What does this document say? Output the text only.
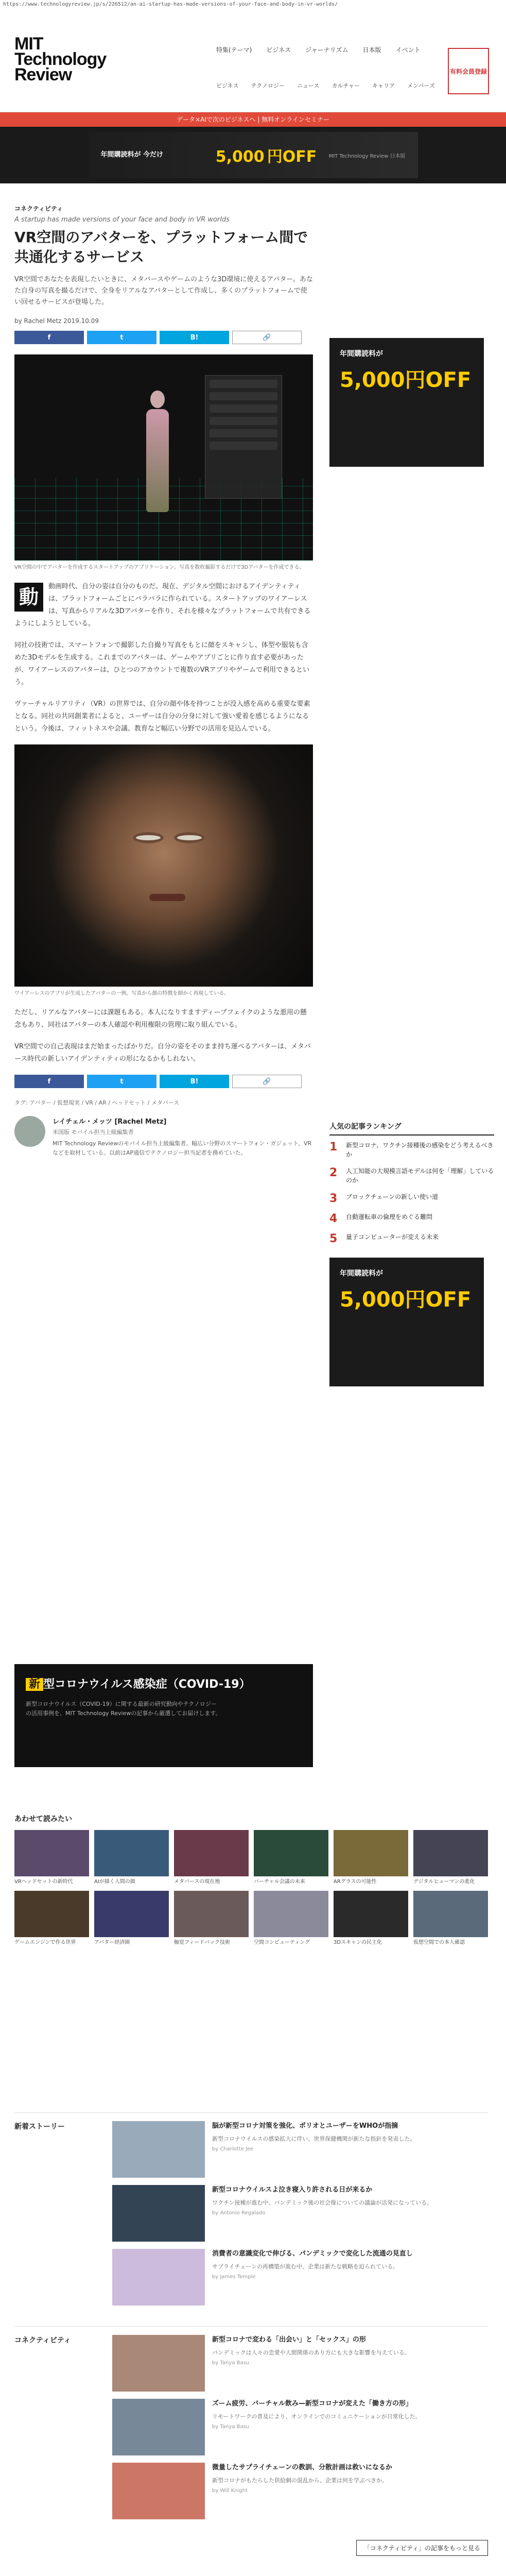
https://www.technologyreview.jp/s/226512/an-ai-startup-has-made-versions-of-your-face-and-body-in-vr-worlds/
MIT Technology Review
特集(テーマ) ビジネス ジャーナリズム 日本版 イベント
ビジネス テクノロジー ニュース カルチャー キャリア メンバーズ
有料会員登録
データ×AIで次のビジネスへ | 無料オンラインセミナー
年間購読料が 今だけ	5,000 円OFF MIT Technology Review 日本版
コネクティビティ
A startup has made versions of your face and body in VR worlds
VR空間のアバターを、プラットフォーム間で共通化するサービス
VR空間であなたを表現したいときに、メタバースやゲームのような3D環境に使えるアバター。あなた自身の写真を撮るだけで、全身をリアルなアバターとして作成し、多くのプラットフォームで使い回せるサービスが登場した。
by Rachel Metz 2019.10.09
f	t	B!	🔗
VR空間の中でアバターを作成するスタートアップのアプリケーション。写真を数枚撮影するだけで3Dアバターを作成できる。
動	動画時代、自分の姿は自分のものだ。現在、デジタル空間におけるアイデンティティは、プラットフォームごとにバラバラに作られている。スタートアップのワイアーレスは、写真からリアルな3Dアバターを作り、それを様々なプラットフォームで共有できるようにしようとしている。

同社の技術では、スマートフォンで撮影した自撮り写真をもとに顔をスキャンし、体型や服装も含めた3Dモデルを生成する。これまでのアバターは、ゲームやアプリごとに作り直す必要があったが、ワイアーレスのアバターは、ひとつのアカウントで複数のVRアプリやゲームで利用できるという。

ヴァーチャルリアリティ（VR）の世界では、自分の顔や体を持つことが没入感を高める重要な要素となる。同社の共同創業者によると、ユーザーは自分の分身に対して強い愛着を感じるようになるという。今後は、フィットネスや会議、教育など幅広い分野での活用を見込んでいる。

ワイアーレスのアプリが生成したアバターの一例。写真から顔の特徴を細かく再現している。

ただし、リアルなアバターには課題もある。本人になりすますディープフェイクのような悪用の懸念もあり、同社はアバターの本人確認や利用権限の管理に取り組んでいる。

VR空間での自己表現はまだ始まったばかりだ。自分の姿をそのまま持ち運べるアバターは、メタバース時代の新しいアイデンティティの形になるかもしれない。

f	t	B!	🔗
タグ: アバター / 仮想現実 / VR / AR / ヘッドセット / メタバース
レイチェル・メッツ [Rachel Metz]
米国版 モバイル担当上級編集者
MIT Technology Reviewのモバイル担当上級編集者。幅広い分野のスマートフォン・ガジェット、VRなどを取材している。以前はAP通信でテクノロジー担当記者を務めていた。
人気の記事ランキング
1	新型コロナ、ワクチン接種後の感染をどう考えるべきか
2	人工知能の大規模言語モデルは何を「理解」しているのか
3	ブロックチェーンの新しい使い道
4	自動運転車の倫理をめぐる難問
5	量子コンピューターが変える未来
年間購読料が
5,000円OFF
年間購読料が
5,000円OFF
新 型コロナウイルス感染症（COVID-19）
新型コロナウイルス（COVID-19）に関する最新の研究動向やテクノロジーの活用事例を、MIT Technology Reviewの記事から厳選してお届けします。
あわせて読みたい
VRヘッドセットの新時代	AIが描く人間の顔	メタバースの現在地	バーチャル会議の未来	ARグラスの可能性	デジタルヒューマンの進化
ゲームエンジンで作る世界	アバター経済圏	触覚フィードバック技術	空間コンピューティング	3Dスキャンの民主化	仮想空間での本人確認
新着ストーリー	脳が新型コロナ対策を強化、ポリオとユーザーをWHOが指摘
新型コロナウイルスの感染拡大に伴い、世界保健機関が新たな指針を発表した。
by Charlotte Jee
新型コロナウイルスよ泣き寝入り許される日が来るか
ワクチン接種が進む中、パンデミック後の社会像についての議論が活発になっている。
by Antonio Regalado
消費者の意識変化で伸びる、パンデミックで変化した流通の見直し
サプライチェーンの再構築が進む中、企業は新たな戦略を迫られている。
by James Temple
コネクティビティ	新型コロナで変わる「出会い」と「セックス」の形
パンデミックは人々の恋愛や人間関係のあり方にも大きな影響を与えている。
by Tanya Basu
ズーム疲労、バーチャル飲み—新型コロナが変えた「働き方の形」
リモートワークの普及により、オンラインでのコミュニケーションが日常化した。
by Tanya Basu
微量したサプライチェーンの教訓、分散計画は救いになるか
新型コロナがもたらした供給網の混乱から、企業は何を学ぶべきか。
by Will Knight
「コネクティビティ」の記事をもっと見る
